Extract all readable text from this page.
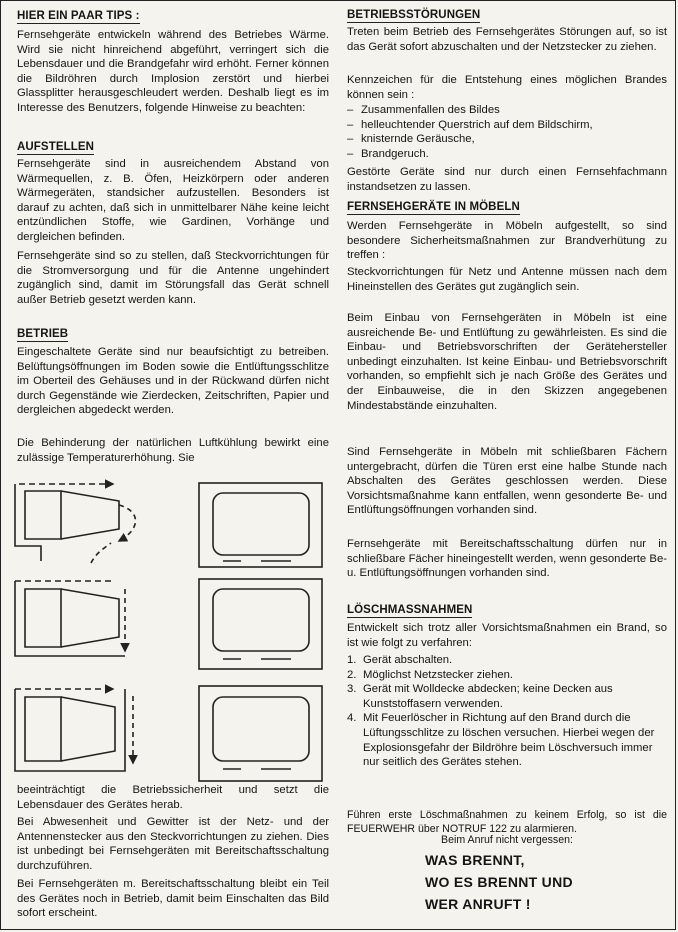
HIER EIN PAAR TIPS :

Fernsehgeräte entwickeln während des Betriebes Wärme. Wird sie nicht hinreichend abgeführt, verringert sich die Lebensdauer und die Brandgefahr wird erhöht. Ferner können die Bildröhren durch Implosion zerstört und hierbei Glassplitter herausgeschleudert werden. Deshalb liegt es im Interesse des Benutzers, folgende Hinweise zu beachten:

AUFSTELLEN

Fernsehgeräte sind in ausreichendem Abstand von Wärmequellen, z. B. Öfen, Heizkörpern oder anderen Wärmegeräten, standsicher aufzustellen. Besonders ist darauf zu achten, daß sich in unmittelbarer Nähe keine leicht entzündlichen Stoffe, wie Gardinen, Vorhänge und dergleichen befinden.

Fernsehgeräte sind so zu stellen, daß Steckvorrichtungen für die Stromversorgung und für die Antenne ungehindert zugänglich sind, damit im Störungsfall das Gerät schnell außer Betrieb gesetzt werden kann.

BETRIEB

Eingeschaltete Geräte sind nur beaufsichtigt zu betreiben. Belüftungsöffnungen im Boden sowie die Entlüftungsschlitze im Oberteil des Gehäuses und in der Rückwand dürfen nicht durch Gegenstände wie Zierdecken, Zeitschriften, Papier und dergleichen abgedeckt werden.

Die Behinderung der natürlichen Luftkühlung bewirkt eine zulässige Temperaturerhöhung. Sie

beeinträchtigt die Betriebssicherheit und setzt die Lebensdauer des Gerätes herab.

Bei Abwesenheit und Gewitter ist der Netz- und der Antennenstecker aus den Steckvorrichtungen zu ziehen. Dies ist unbedingt bei Fernsehgeräten mit Bereitschaftsschaltung durchzuführen.

Bei Fernsehgeräten m. Bereitschaftsschaltung bleibt ein Teil des Gerätes noch in Betrieb, damit beim Einschalten das Bild sofort erscheint.

BETRIEBSSTÖRUNGEN

Treten beim Betrieb des Fernsehgerätes Störungen auf, so ist das Gerät sofort abzuschalten und der Netzstecker zu ziehen.

Kennzeichen für die Entstehung eines möglichen Brandes können sein :

– Zusammenfallen des Bildes
– helleuchtender Querstrich auf dem Bildschirm,
– knisternde Geräusche,
– Brandgeruch.

Gestörte Geräte sind nur durch einen Fernsehfachmann instandsetzen zu lassen.

FERNSEHGERÄTE IN MÖBELN

Werden Fernsehgeräte in Möbeln aufgestellt, so sind besondere Sicherheitsmaßnahmen zur Brandverhütung zu treffen :

Steckvorrichtungen für Netz und Antenne müssen nach dem Hineinstellen des Gerätes gut zugänglich sein.

Beim Einbau von Fernsehgeräten in Möbeln ist eine ausreichende Be- und Entlüftung zu gewährleisten. Es sind die Einbau- und Betriebsvorschriften der Gerätehersteller unbedingt einzuhalten. Ist keine Einbau- und Betriebsvorschrift vorhanden, so empfiehlt sich je nach Größe des Gerätes und der Einbauweise, die in den Skizzen angegebenen Mindestabstände einzuhalten.

Sind Fernsehgeräte in Möbeln mit schließbaren Fächern untergebracht, dürfen die Türen erst eine halbe Stunde nach Abschalten des Gerätes geschlossen werden. Diese Vorsichtsmaßnahme kann entfallen, wenn gesonderte Be- und Entlüftungsöffnungen vorhanden sind.

Fernsehgeräte mit Bereitschaftsschaltung dürfen nur in schließbare Fächer hineingestellt werden, wenn gesonderte Be- u. Entlüftungsöffnungen vorhanden sind.

LÖSCHMASSNAHMEN

Entwickelt sich trotz aller Vorsichtsmaßnahmen ein Brand, so ist wie folgt zu verfahren:

1. Gerät abschalten.
2. Möglichst Netzstecker ziehen.
3. Gerät mit Wolldecke abdecken; keine Decken aus Kunststoffasern verwenden.
4. Mit Feuerlöscher in Richtung auf den Brand durch die Lüftungsschlitze zu löschen versuchen. Hierbei wegen der Explosionsgefahr der Bildröhre beim Löschversuch immer nur seitlich des Gerätes stehen.

Führen erste Löschmaßnahmen zu keinem Erfolg, so ist die FEUERWEHR über NOTRUF 122 zu alarmieren.

Beim Anruf nicht vergessen:
WAS BRENNT,
WO ES BRENNT UND
WER ANRUFT !
